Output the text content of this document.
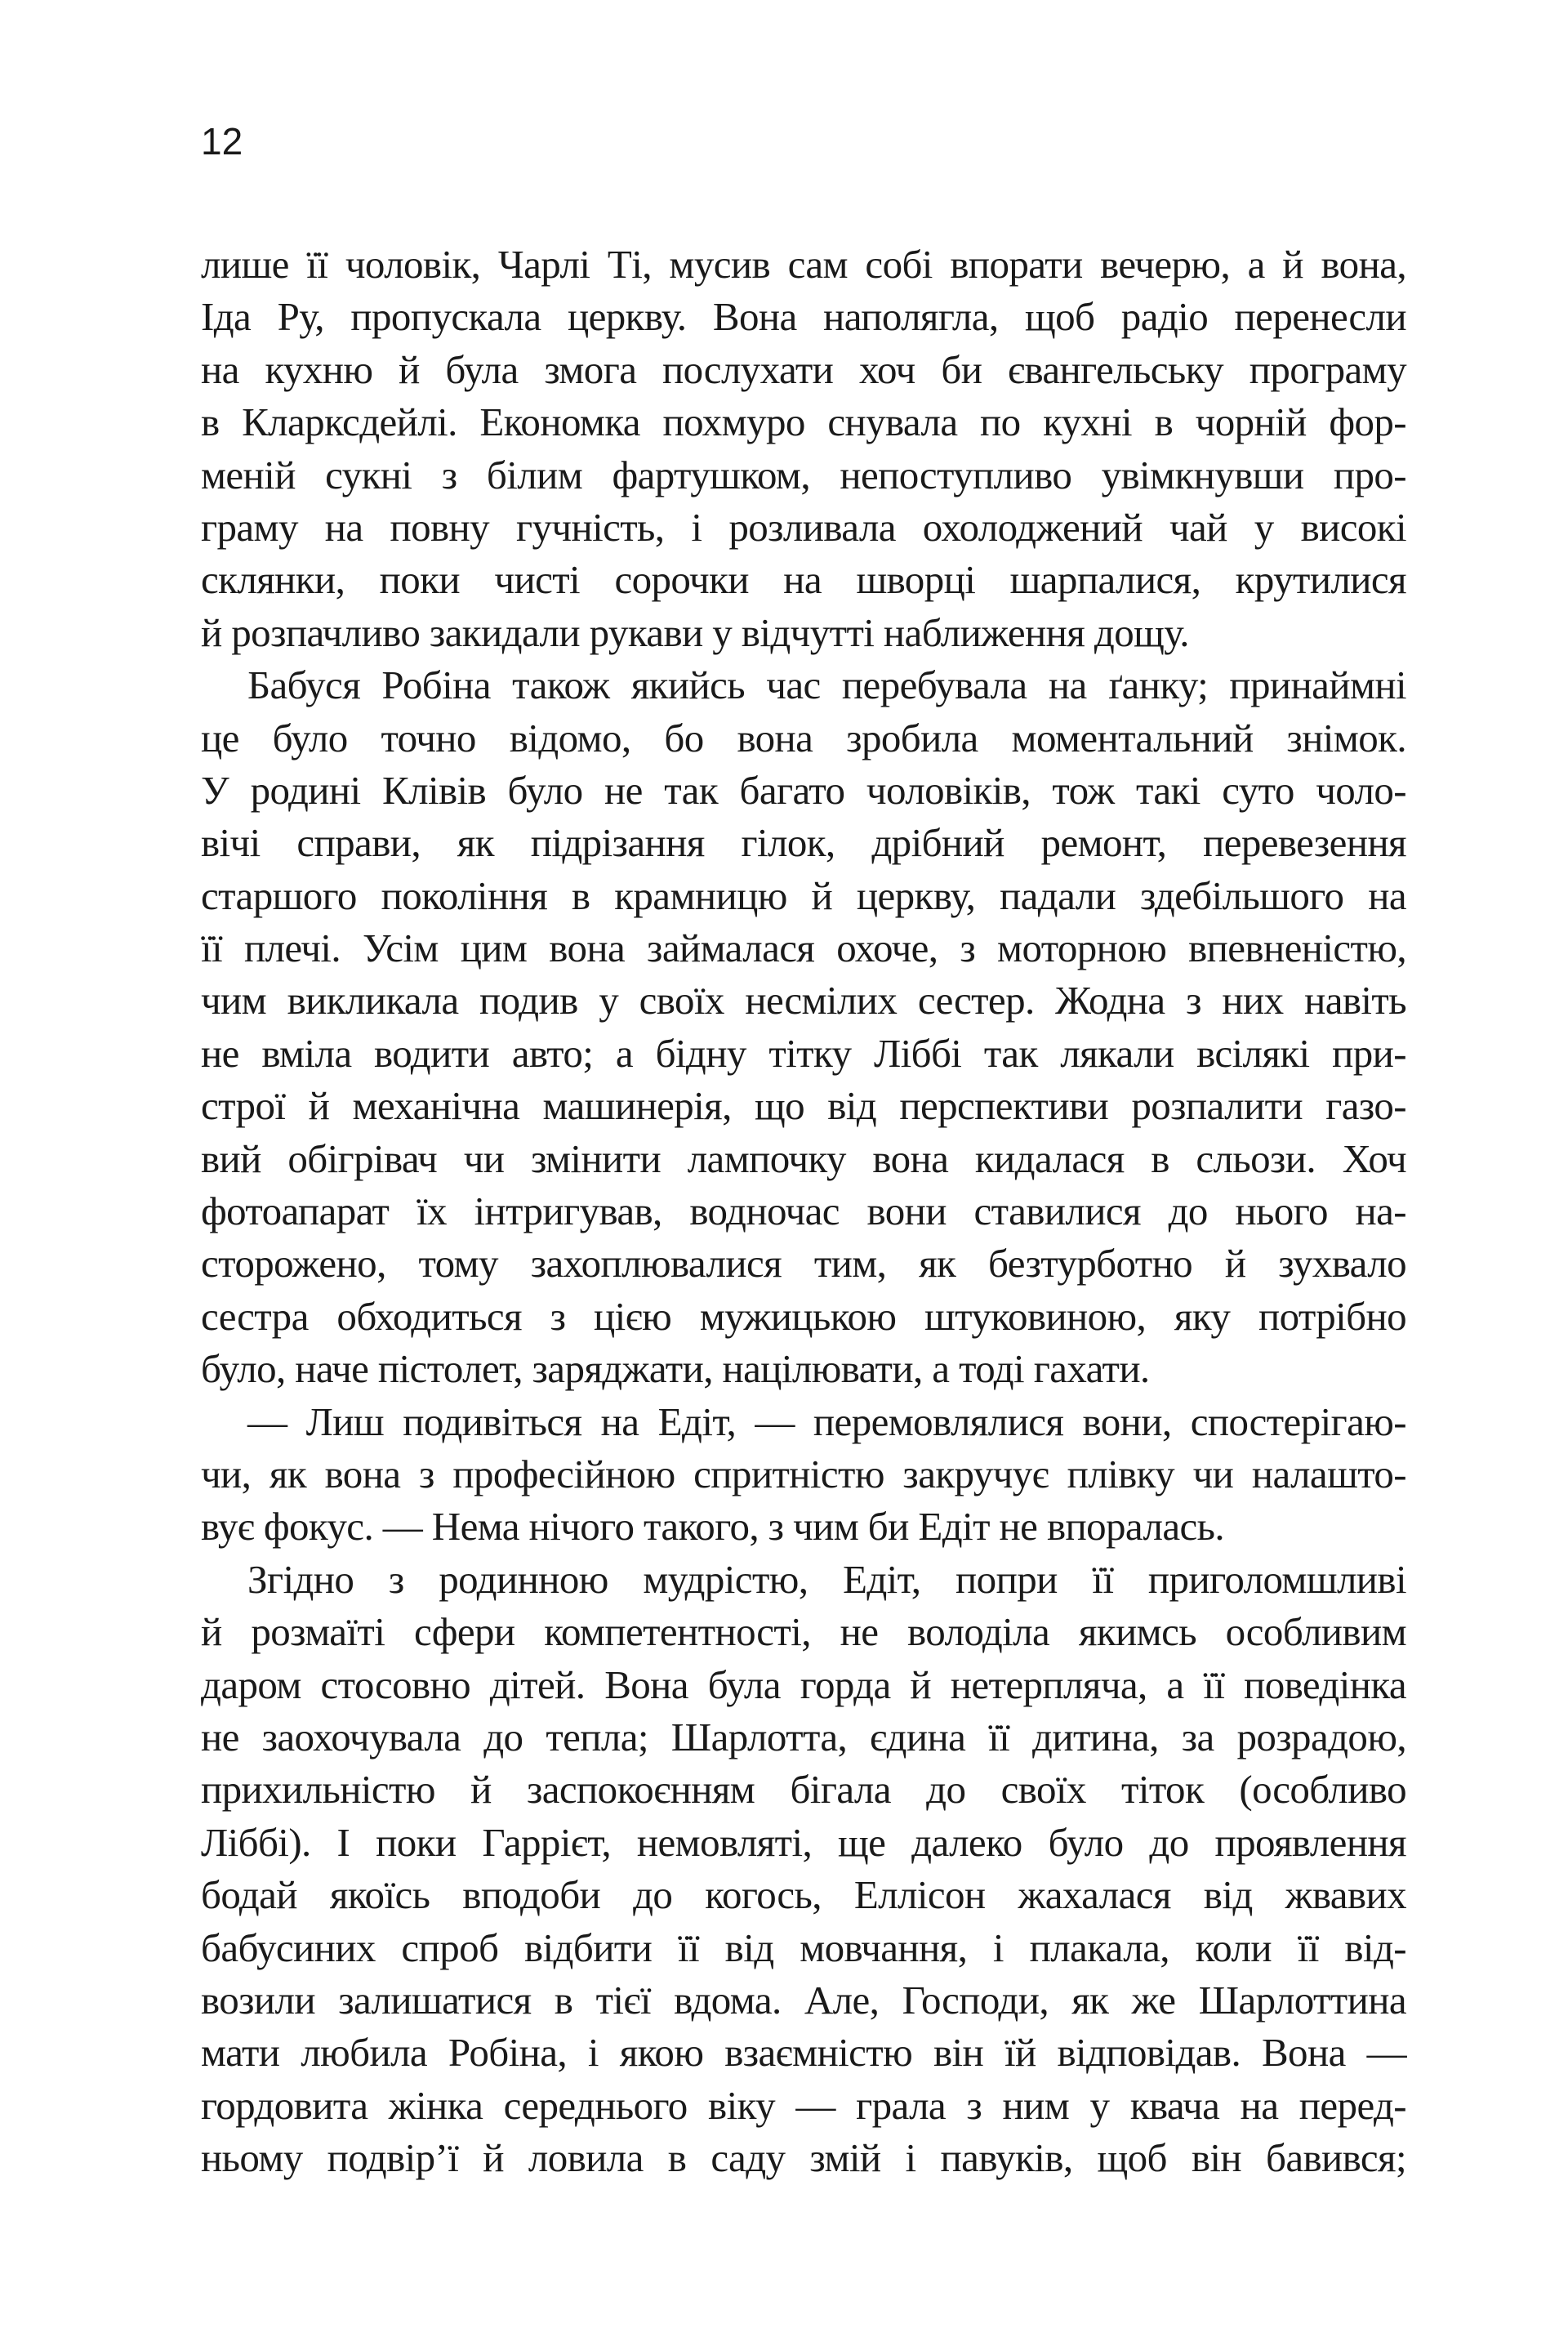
12
лише її чоловік, Чарлі Ті, мусив сам собі впорати вечерю, а й вона,
Іда Ру, пропускала церкву. Вона наполягла, щоб радіо перенесли
на кухню й була змога послухати хоч би євангельську програму
в Кларксдейлі. Економка похмуро снувала по кухні в чорній фор-
меній сукні з білим фартушком, непоступливо увімкнувши про-
граму на повну гучність, і розливала охолоджений чай у високі
склянки, поки чисті сорочки на шворці шарпалися, крутилися
й розпачливо закидали рукави у відчутті наближення дощу.
Бабуся Робіна також якийсь час перебувала на ґанку; принаймні
це було точно відомо, бо вона зробила моментальний знімок.
У родині Клівів було не так багато чоловіків, тож такі суто чоло-
вічі справи, як підрізання гілок, дрібний ремонт, перевезення
старшого покоління в крамницю й церкву, падали здебільшого на
її плечі. Усім цим вона займалася охоче, з моторною впевненістю,
чим викликала подив у своїх несмілих сестер. Жодна з них навіть
не вміла водити авто; а бідну тітку Ліббі так лякали всілякі при-
строї й механічна машинерія, що від перспективи розпалити газо-
вий обігрівач чи змінити лампочку вона кидалася в сльози. Хоч
фотоапарат їх інтригував, водночас вони ставилися до нього на-
сторожено, тому захоплювалися тим, як безтурботно й зухвало
сестра обходиться з цією мужицькою штуковиною, яку потрібно
було, наче пістолет, заряджати, націлювати, а тоді гахати.
— Лиш подивіться на Едіт, — перемовлялися вони, спостерігаю-
чи, як вона з професійною спритністю закручує плівку чи налашто-
вує фокус. — Нема нічого такого, з чим би Едіт не впоралась.
Згідно з родинною мудрістю, Едіт, попри її приголомшливі
й розмаїті сфери компетентності, не володіла якимсь особливим
даром стосовно дітей. Вона була горда й нетерпляча, а її поведінка
не заохочувала до тепла; Шарлотта, єдина її дитина, за розрадою,
прихильністю й заспокоєнням бігала до своїх тіток (особливо
Ліббі). І поки Гаррієт, немовляті, ще далеко було до проявлення
бодай якоїсь вподоби до когось, Еллісон жахалася від жвавих
бабусиних спроб відбити її від мовчання, і плакала, коли її від-
возили залишатися в тієї вдома. Але, Господи, як же Шарлоттина
мати любила Робіна, і якою взаємністю він їй відповідав. Вона —
гордовита жінка середнього віку — грала з ним у квача на перед-
ньому подвір’ї й ловила в саду змій і павуків, щоб він бавився;
